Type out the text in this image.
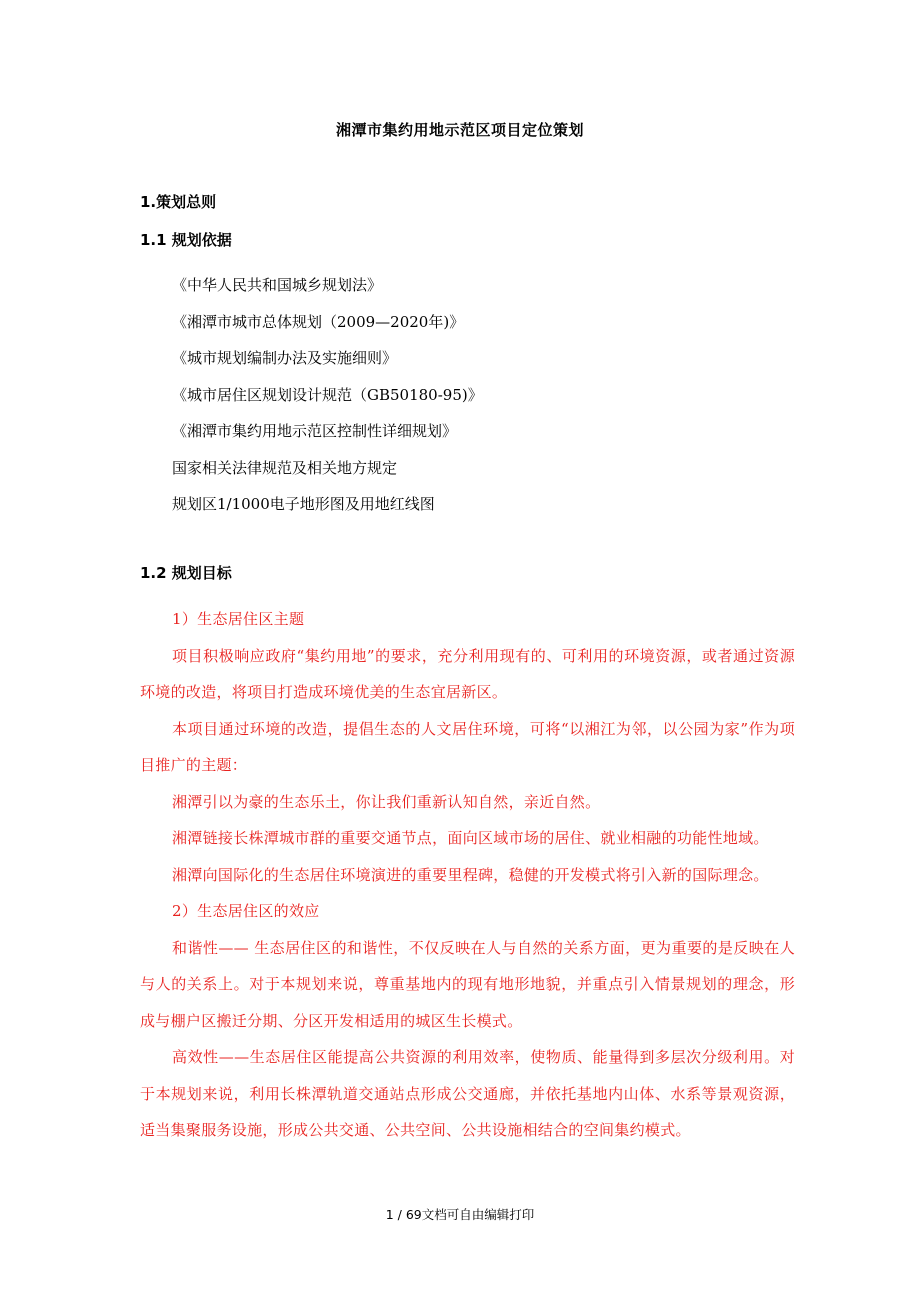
湘潭市集约用地示范区项目定位策划
1.策划总则
1.1 规划依据
《中华人民共和国城乡规划法》
《湘潭市城市总体规划（2009—2020年)》
《城市规划编制办法及实施细则》
《城市居住区规划设计规范（GB50180-95)》
《湘潭市集约用地示范区控制性详细规划》
国家相关法律规范及相关地方规定
规划区1/1000电子地形图及用地红线图
1.2 规划目标

1）生态居住区主题

项目积极响应政府“集约用地”的要求，充分利用现有的、可利用的环境资源，或者通过资源环境的改造，将项目打造成环境优美的生态宜居新区。

本项目通过环境的改造，提倡生态的人文居住环境，可将“以湘江为邻，以公园为家”作为项目推广的主题：

湘潭引以为豪的生态乐土，你让我们重新认知自然，亲近自然。

湘潭链接长株潭城市群的重要交通节点，面向区域市场的居住、就业相融的功能性地域。

湘潭向国际化的生态居住环境演进的重要里程碑，稳健的开发模式将引入新的国际理念。

2）生态居住区的效应

和谐性—— 生态居住区的和谐性，不仅反映在人与自然的关系方面，更为重要的是反映在人与人的关系上。对于本规划来说，尊重基地内的现有地形地貌，并重点引入情景规划的理念，形成与棚户区搬迁分期、分区开发相适用的城区生长模式。

高效性——生态居住区能提高公共资源的利用效率，使物质、能量得到多层次分级利用。对于本规划来说，利用长株潭轨道交通站点形成公交通廊，并依托基地内山体、水系等景观资源，适当集聚服务设施，形成公共交通、公共空间、公共设施相结合的空间集约模式。

1 / 69文档可自由编辑打印
